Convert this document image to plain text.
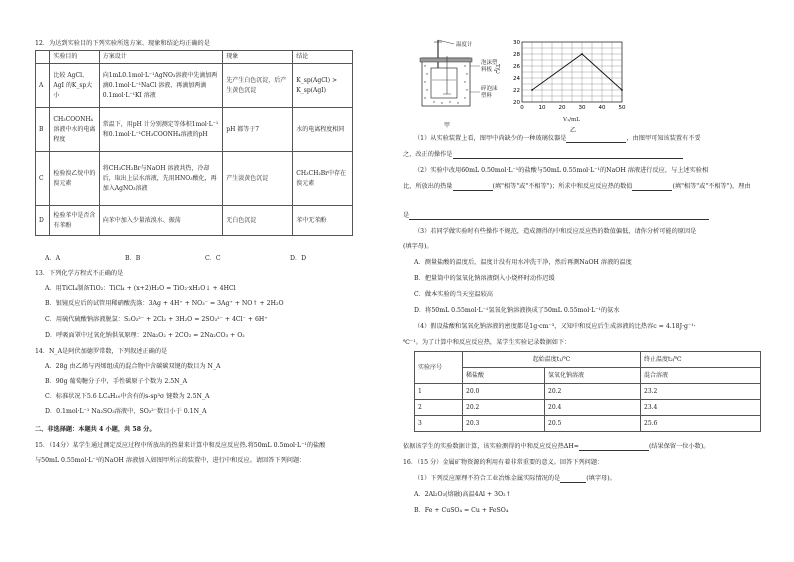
12．为达到实验目的下列实验所选方案、现象和结论均正确的是
	实验目的	方案设计	现象	结论
A	比较 AgCl、AgI 的K_sp大小	向1mL0.1mol·L⁻¹AgNO₃溶液中先滴加两滴0.1mol·L⁻¹NaCl 溶液，再滴加两滴0.1mol·L⁻¹KI 溶液	先产生白色沉淀，后产生黄色沉淀	K_sp(AgCl) > K_sp(AgI)
B	CH₃COONH₄溶液中水的电离程度	常温下，用pH 计分别测定等体积1mol·L⁻¹和0.1mol·L⁻¹CH₃COONH₄溶液的pH	pH 都等于7	水的电离程度相同
C	检验溴乙烷中的溴元素	将CH₃CH₂Br与NaOH 溶液共热，冷却后，取出上层水溶液，先用HNO₃酸化，再加入AgNO₃溶液	产生淡黄色沉淀	CH₃CH₂Br中存在溴元素
D	检验苯中是否含有苯酚	向苯中加入少量浓溴水、振荡	无白色沉淀	苯中无苯酚
A．A	B．B	C．C	D．D
13．下列化学方程式不正确的是
A．用TiCl₄制备TiO₂：TiCl₄ + (x+2)H₂O = TiO₂·xH₂O↓ + 4HCl
B．银镜反应后的试管用稀硝酸洗涤：3Ag + 4H⁺ + NO₃⁻ = 3Ag⁺ + NO↑ + 2H₂O
C．用硫代硫酸钠溶液脱氯：S₂O₃²⁻ + 2Cl₂ + 3H₂O = 2SO₃²⁻ + 4Cl⁻ + 6H⁺
D．呼吸面罩中过氧化钠供氧原理：2Na₂O₂ + 2CO₂ = 2Na₂CO₃ + O₂
14．N_A是阿伏加德罗常数，下列叙述正确的是
A．28g 由乙烯与丙烯组成的混合物中含碳碳双键的数目为 N_A
B．90g 葡萄糖分子中，手性碳原子个数为 2.5N_A
C．标准状况下5.6 LC₄H₁₀中含有的s-sp³σ 键数为 2.5N_A
D．0.1mol·L⁻¹ Na₂SO₃溶液中，SO₃²⁻数目小于 0.1N_A
二、非选择题：本题共 4 小题，共 58 分。
15．（14分）某学生通过测定反应过程中所放出的热量来计算中和反应反应热.将50mL 0.5mol·L⁻¹的盐酸
与50mL 0.55mol·L⁻¹的NaOH 溶液加入如图甲所示的装置中，进行中和反应。请回答下列问题：
温度计
泡沫塑料板
碎泡沫塑料
甲
0	10 20 30 40 50
20
22
24
26
28
30
T/℃
V₁/mL
乙
（1）从实验装置上看，图甲中尚缺少的一种玻璃仪器是	，由图甲可知该装置有不妥
之，改正的操作是
（2）实验中改用60mL 0.50mol·L⁻¹的盐酸与50mL 0.55mol·L⁻¹的NaOH 溶液进行反应，与上述实验相
比，所放出的热量	(填"相等"或"不相等")；所求中和反应反应热的数值	(填"相等"或"不相等")，理由
是
（3）若同学做实验时有些操作不规范，造成测得的中和反应反应热的数值偏低，请你分析可能的原因是
(填字母)。
A．测量盐酸的温度后，温度计没有用水冲洗干净，然后再测NaOH 溶液的温度
B．把量筒中的氢氧化钠溶液倒入小烧杯时动作迟缓
C．做本实验的当天室温较高
D．将50mL 0.55mol·L⁻¹氢氧化钠溶液换成了50mL 0.55mol·L⁻¹的氨水
（4）假设盐酸和氢氧化钠溶液的密度都是1g·cm⁻³，又知中和反应后生成溶液的比热容c = 4.18J·g⁻¹·
℃⁻¹。为了计算中和反应反应热，某学生实验记录数据如下：
实验序号	起始温度t₁/℃		终止温度t₂/℃
	稀盐酸	氢氧化钠溶液	混合溶液
1	20.0	20.2	23.2
2	20.2	20.4	23.4
3	20.3	20.5	25.6
依据该学生的实验数据计算，该实验测得的中和反应反应热ΔH=	(结果保留一位小数)。
16．（15 分）金属矿物资源的利用有着非常重要的意义。回答下列问题：
（1）下列反应原理不符合工业冶炼金属实际情况的是	(填字母)。
A．2Al₂O₃(熔融)高温4Al + 3O₂↑
B．Fe + CuSO₄ = Cu + FeSO₄
